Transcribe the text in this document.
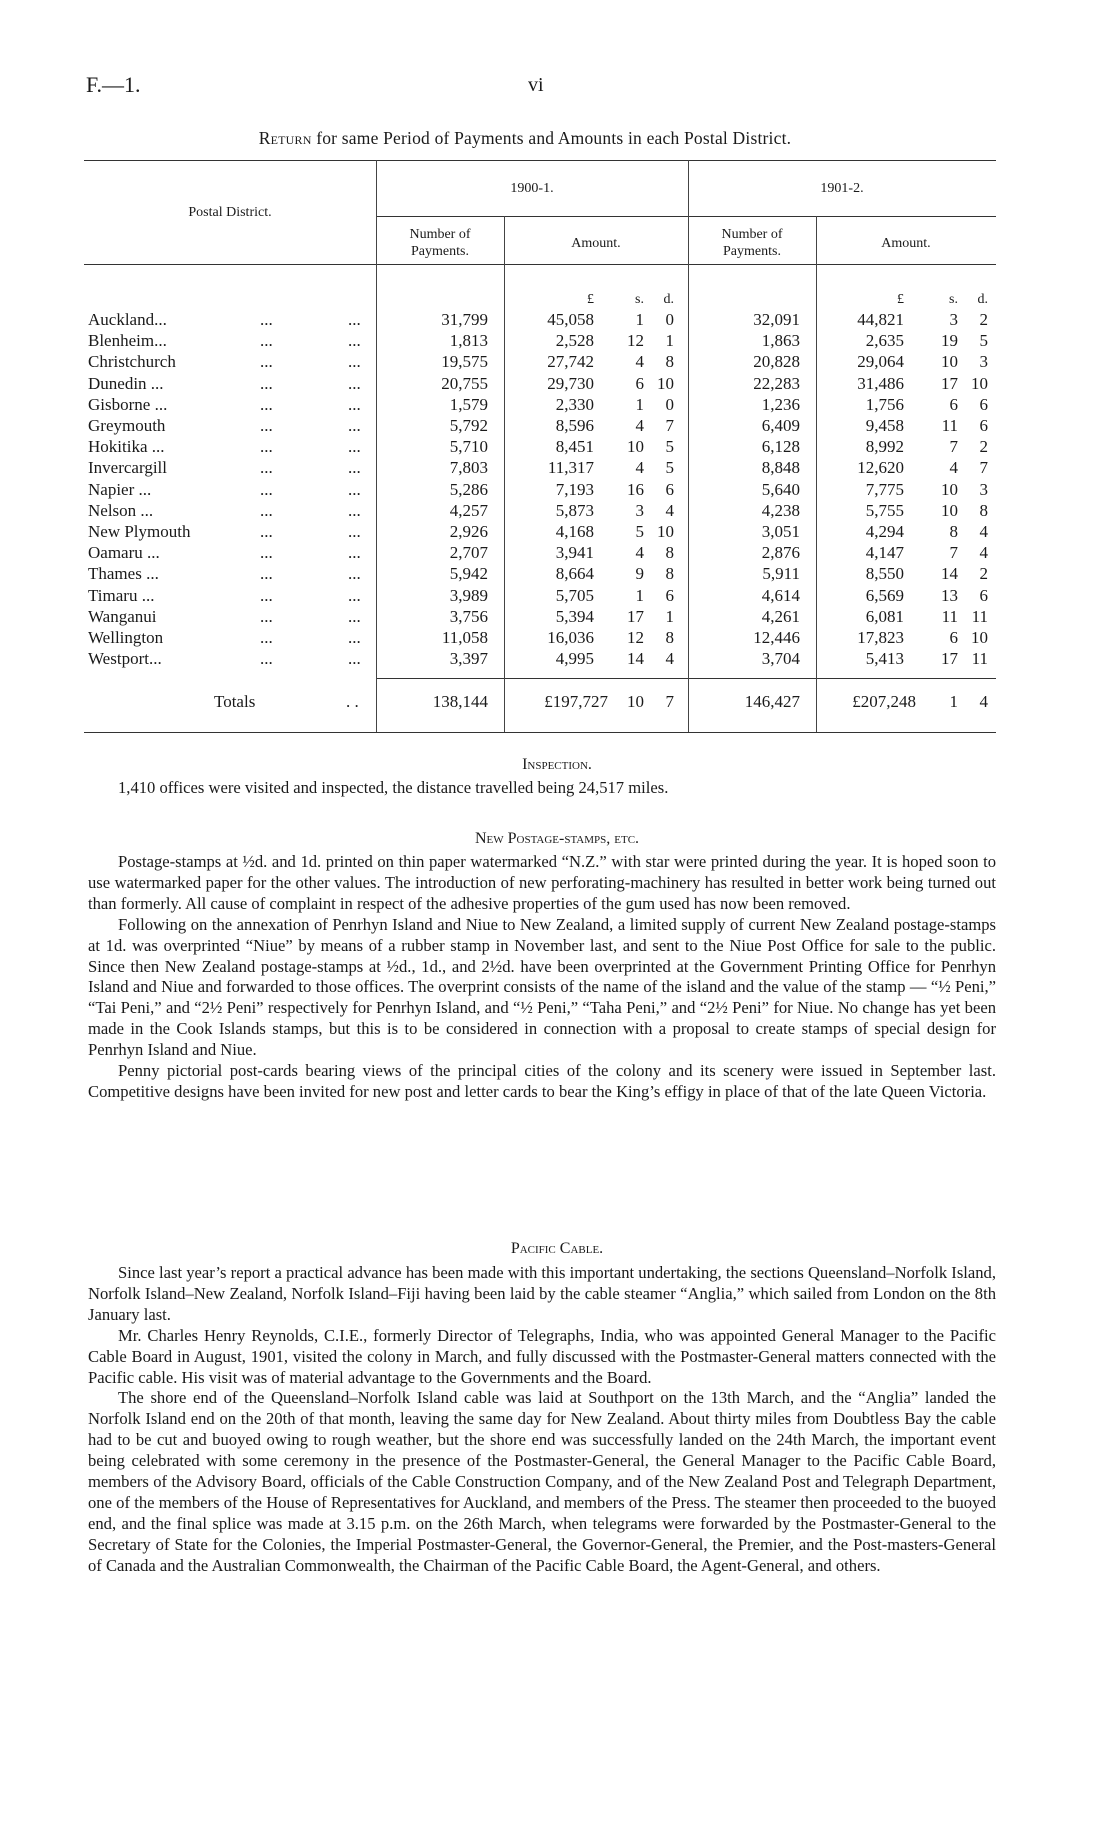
F.—1.	vi
Return for same Period of Payments and Amounts in each Postal District.
Postal District.
1900-1.	1901-2.
Number of Payments.
Amount.
Number of Payments.
Amount.
£	s.	d.	£	s.	d.
Auckland...	...	...	31,799	45,058	1	0	32,091	44,821	3	2
Blenheim...	...	...	1,813	2,528	12	1	1,863	2,635	19	5
Christchurch	...	...	19,575	27,742	4	8	20,828	29,064	10	3
Dunedin ...	...	...	20,755	29,730	6 10	22,283	31,486	17 10
Gisborne ...	...	...	1,579	2,330	1	0	1,236	1,756	6	6
Greymouth	...	...	5,792	8,596	4	7	6,409	9,458	11	6
Hokitika ...	...	...	5,710	8,451	10	5	6,128	8,992	7	2
Invercargill	...	...	7,803	11,317	4	5	8,848	12,620	4	7
Napier ...	...	...	5,286	7,193	16	6	5,640	7,775	10	3
Nelson ...	...	...	4,257	5,873	3	4	4,238	5,755	10	8
New Plymouth	...	...	2,926	4,168	5 10	3,051	4,294	8	4
Oamaru ...	...	...	2,707	3,941	4	8	2,876	4,147	7	4
Thames ...	...	...	5,942	8,664	9	8	5,911	8,550	14	2
Timaru ...	...	...	3,989	5,705	1	6	4,614	6,569	13	6
Wanganui	...	...	3,756	5,394	17	1	4,261	6,081	11 11
Wellington	...	...	11,058	16,036	12	8	12,446	17,823	6 10
Westport...	...	...	3,397	4,995	14	4	3,704	5,413	17 11
Totals	. .	138,144	£197,727	10	7	146,427	£207,248	1	4
Inspection.

1,410 offices were visited and inspected, the distance travelled being 24,517 miles.

New Postage-stamps, etc.

Postage-stamps at ½d. and 1d. printed on thin paper watermarked “N.Z.” with star were printed during the year. It is hoped soon to use watermarked paper for the other values. The introduction of new perforating-machinery has resulted in better work being turned out than formerly. All cause of complaint in respect of the adhesive properties of the gum used has now been removed.

Following on the annexation of Penrhyn Island and Niue to New Zealand, a limited supply of current New Zealand postage-stamps at 1d. was overprinted “Niue” by means of a rubber stamp in November last, and sent to the Niue Post Office for sale to the public. Since then New Zealand postage-stamps at ½d., 1d., and 2½d. have been overprinted at the Government Printing Office for Penrhyn Island and Niue and forwarded to those offices. The overprint consists of the name of the island and the value of the stamp — “½ Peni,” “Tai Peni,” and “2½ Peni” respectively for Penrhyn Island, and “½ Peni,” “Taha Peni,” and “2½ Peni” for Niue. No change has yet been made in the Cook Islands stamps, but this is to be considered in connection with a proposal to create stamps of special design for Penrhyn Island and Niue.

Penny pictorial post-cards bearing views of the principal cities of the colony and its scenery were issued in September last. Competitive designs have been invited for new post and letter cards to bear the King’s effigy in place of that of the late Queen Victoria.

Pacific Cable.

Since last year’s report a practical advance has been made with this important undertaking, the sections Queensland–Norfolk Island, Norfolk Island–New Zealand, Norfolk Island–Fiji having been laid by the cable steamer “Anglia,” which sailed from London on the 8th January last.

Mr. Charles Henry Reynolds, C.I.E., formerly Director of Telegraphs, India, who was appointed General Manager to the Pacific Cable Board in August, 1901, visited the colony in March, and fully discussed with the Postmaster-General matters connected with the Pacific cable. His visit was of material advantage to the Governments and the Board.

The shore end of the Queensland–Norfolk Island cable was laid at Southport on the 13th March, and the “Anglia” landed the Norfolk Island end on the 20th of that month, leaving the same day for New Zealand. About thirty miles from Doubtless Bay the cable had to be cut and buoyed owing to rough weather, but the shore end was successfully landed on the 24th March, the important event being celebrated with some ceremony in the presence of the Postmaster-General, the General Manager to the Pacific Cable Board, members of the Advisory Board, officials of the Cable Construction Company, and of the New Zealand Post and Telegraph Department, one of the members of the House of Representatives for Auckland, and members of the Press. The steamer then proceeded to the buoyed end, and the final splice was made at 3.15 p.m. on the 26th March, when telegrams were forwarded by the Postmaster-General to the Secretary of State for the Colonies, the Imperial Postmaster-General, the Governor-General, the Premier, and the Post-masters-General of Canada and the Australian Commonwealth, the Chairman of the Pacific Cable Board, the Agent-General, and others.
